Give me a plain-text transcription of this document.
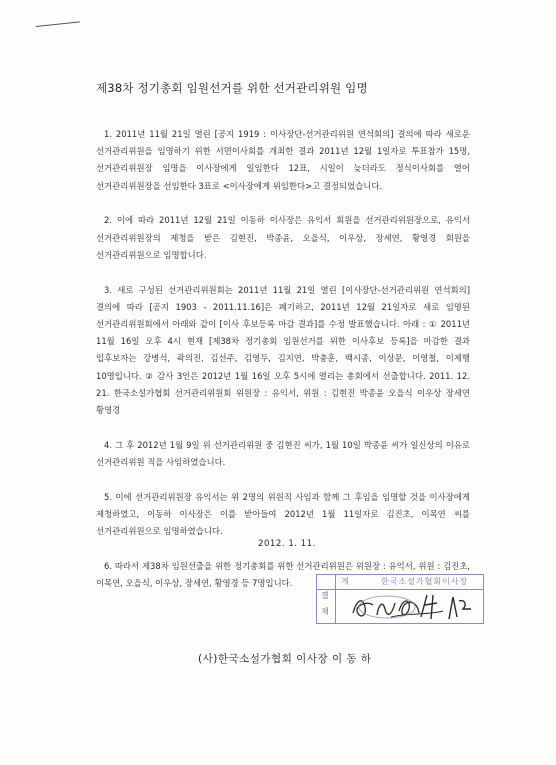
제38차 정기총회 임원선거를 위한 선거관리위원 임명

1. 2011년 11월 21일 열린 [공지 1919 : 이사장단-선거관리위원 연석회의] 결의에 따라 새로운 선거관리위원을 임명하기 위한 서면이사회를 개최한 결과 2011년 12월 1일자로 투표참가 15명, 선거관리위원장 임명을 이사장에게 일임한다 12표, 시일이 늦더라도 정식이사회를 열어 선거관리위원장을 선임한다 3표로 <이사장에게 위임한다>고 결정되었습니다.

2. 이에 따라 2011년 12월 21일 이동하 이사장은 유익서 회원을 선거관리위원장으로, 유익서 선거관리위원장의 제청을 받은 김현진, 박종윤, 오을식, 이우상, 장세연, 황영경 회원을 선거관리위원으로 임명합니다.

3. 새로 구성된 선거관리위원회는 2011년 11월 21일 열린 [이사장단-선거관리위원 연석회의] 결의에 따라 [공지 1903 - 2011.11.16]은 폐기하고, 2011년 12월 21일자로 새로 임명된 선거관리위원회에서 아래와 같이 [이사 후보등록 마감 결과]를 수정 발표했습니다. 아래 : ① 2011년 11월 16일 오후 4시 현재 [제38차 정기총회 임원선거를 위한 이사후보 등록]을 마감한 결과 입후보자는 강병석, 곽의진, 김선주, 김영두, 김지연, 박충훈, 백시종, 이상문, 이영철, 이제행 10명입니다. ② 감사 3인은 2012년 1월 16일 오후 5시에 열리는 총회에서 선출합니다. 2011. 12. 21. 한국소설가협회 선거관리위원회 위원장 : 유익서, 위원 : 김현진 박종윤 오을식 이우상 장세연 황영경

4. 그 후 2012년 1월 9일 위 선거관리위원 중 김현진 씨가, 1월 10일 박종윤 씨가 일신상의 이유로 선거관리위원 직을 사임하였습니다.

5. 이에 선거관리위원장 유익서는 위 2명의 위원직 사임과 함께 그 후임을 임명할 것을 이사장에게 제청하였고, 이동하 이사장은 이를 받아들여 2012년 1월 11일자로 김진초, 이목연 씨를 선거관리위원으로 임명하였습니다.

6. 따라서 제38차 임원선출을 위한 정기총회를 위한 선거관리위원은 위원장 : 유익서, 위원 : 김진초, 이목연, 오을식, 이우상, 장세연, 황영경 등 7명입니다.

2012. 1. 11.
게	한국소설가협회이사장
결
재
(사)한국소설가협회 이사장 이 동 하
